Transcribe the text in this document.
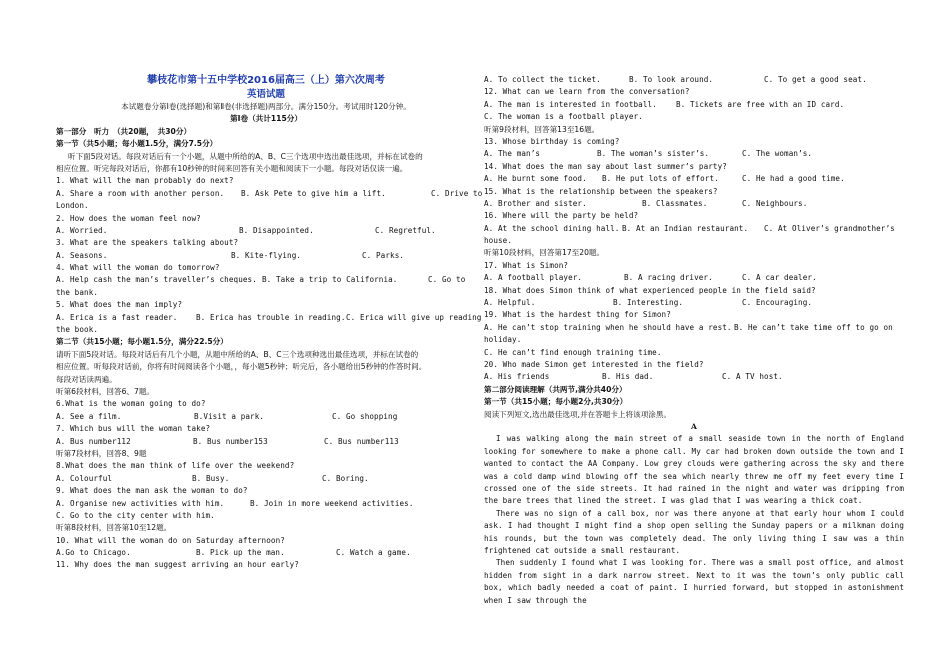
攀枝花市第十五中学校2016届高三（上）第六次周考
英语试题
本试题卷分第Ⅰ卷(选择题)和第Ⅱ卷(非选择题)两部分。满分150分。考试用时120分钟。
第Ⅰ卷（共计115分）
第一部分　听力　（共20题，　共30分）
第一节（共5小题；每小题1.5分，满分7.5分）
听下面5段对话。每段对话后有一个小题，从题中所给的A、B、C三个选项中选出最佳选项，并标在试卷的
相应位置。听完每段对话后，你都有10秒钟的时间来回答有关小题和阅读下一小题。每段对话仅读一遍。
1. What will the man probably do next?
A. Share a room with another person. B. Ask Pete to give him a lift.	C. Drive to
London.
2. How does the woman feel now?
A. Worried.	B. Disappointed.	C. Regretful.
3. What are the speakers talking about?
A. Seasons.	B. Kite-flying.	C. Parks.
4. What will the woman do tomorrow?
A. Help cash the man’s traveller’s cheques. B. Take a trip to California.	C. Go to
the bank.
5. What does the man imply?
A. Erica is a fast reader. B. Erica has trouble in reading.C. Erica will give up reading
the book.
第二节（共15小题；每小题1.5分，满分22.5分）
请听下面5段对话。每段对话后有几个小题，从题中所给的A、B、C三个选项种选出最佳选项，并标在试卷的
相应位置。听每段对话前，你将有时间阅读各个小题，，每小题5秒钟；听完后，各小题给出5秒钟的作答时间。
每段对话读两遍。
听第6段材料，回答6、7题。
6.What is the woman going to do?
A. See a film.	B.Visit a park.	C. Go shopping
7. Which bus will the woman take?
A. Bus number112	B. Bus number153	C. Bus number113
听第7段材料，回答8、9题
8.What does the man think of life over the weekend?
A. Colourful	B. Busy.	C. Boring.
9. What does the man ask the woman to do?
A. Organise new activities with him.	B. Join in more weekend activities.
C. Go to the city center with him.
听第8段材料，回答第10至12题。
10. What will the woman do on Saturday afternoon?
A.Go to Chicago.	B. Pick up the man.	C. Watch a game.
11. Why does the man suggest arriving an hour early?
A. To collect the ticket.	B. To look around.	C. To get a good seat.
12. What can we learn from the conversation?
A. The man is interested in football.	B. Tickets are free with an ID card.
C. The woman is a football player.
听第9段材料，回答第13至16题。
13. Whose birthday is coming?
A. The man’s	B. The woman’s sister’s.	C. The woman’s.
14. What does the man say about last summer’s party?
A. He burnt some food. B. He put lots of effort.	C. He had a good time.
15. What is the relationship between the speakers?
A. Brother and sister.	B. Classmates.	C. Neighbours.
16. Where will the party be held?
A. At the school dining hall. B. At an Indian restaurant. C. At Oliver’s grandmother’s
house.
听第10段材料，回答第17至20题。
17. What is Simon?
A. A football player.	B. A racing driver.	C. A car dealer.
18. What does Simon think of what experienced people in the field said?
A. Helpful.	B. Interesting.	C. Encouraging.
19. What is the hardest thing for Simon?
A. He can’t stop training when he should have a rest. B. He can’t take time off to go on
holiday.
C. He can’t find enough training time.
20. Who made Simon get interested in the field?
A. His friends	B. His dad.	C. A TV host.
第二部分阅读理解（共两节,满分共40分）
第一节（共15小题；每小题2分,共30分）
阅读下列短文,选出最佳选项,并在答题卡上将该项涂黑。
A
I was walking along the main street of a small seaside town in the north of England looking for somewhere to make a phone call. My car had broken down outside the town and I wanted to contact the AA Company. Low grey clouds were gathering across the sky and there was a cold damp wind blowing off the sea which nearly threw me off my feet every time I crossed one of the side streets. It had rained in the night and water was dripping from the bare trees that lined the street. I was glad that I was wearing a thick coat.
There was no sign of a call box, nor was there anyone at that early hour whom I could ask. I had thought I might find a shop open selling the Sunday papers or a milkman doing his rounds, but the town was completely dead. The only living thing I saw was a thin frightened cat outside a small restaurant.
Then suddenly I found what I was looking for. There was a small post office, and almost hidden from sight in a dark narrow street. Next to it was the town’s only public call box, which badly needed a coat of paint. I hurried forward, but stopped in astonishment when I saw through the
